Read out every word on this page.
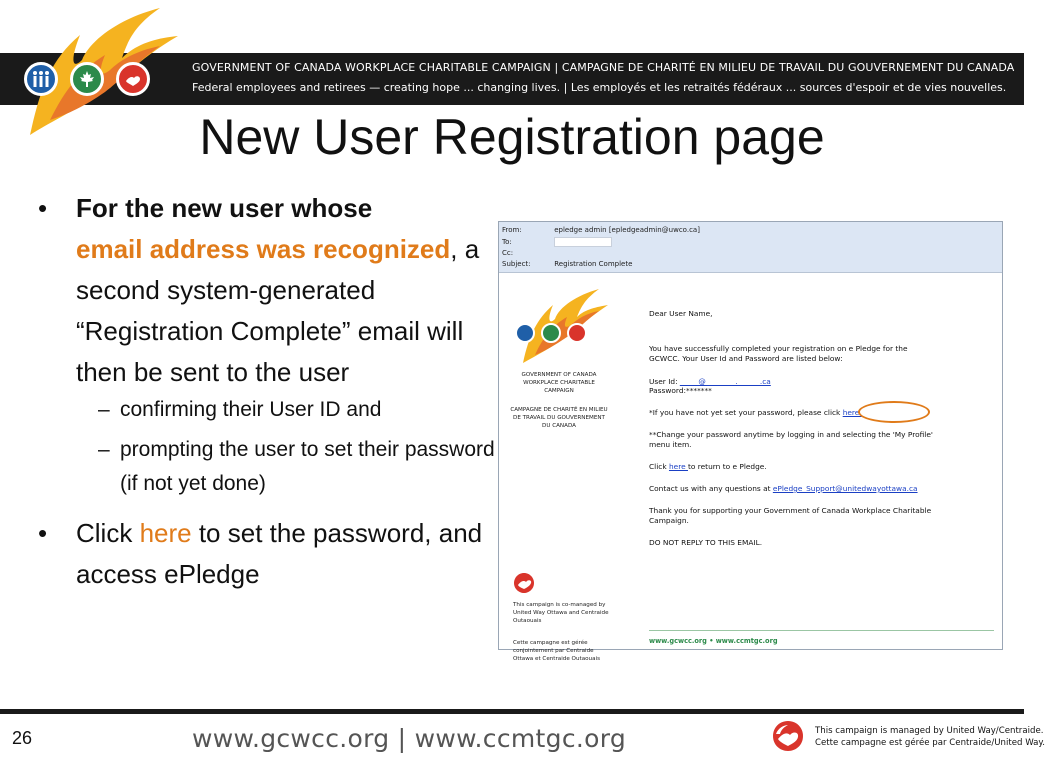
GOVERNMENT OF CANADA WORKPLACE CHARITABLE CAMPAIGN | CAMPAGNE DE CHARITÉ EN MILIEU DE TRAVAIL DU GOUVERNEMENT DU CANADA
Federal employees and retirees — creating hope ... changing lives. | Les employés et les retraités fédéraux ... sources d'espoir et de vies nouvelles.
New User Registration page
• For the new user whose
email address was recognized, a second system-generated “Registration Complete” email will then be sent to the user
– confirming their User ID and
– prompting the user to set their password (if not yet done)
• Click here to set the password, and access ePledge
From:	epledge admin [epledgeadmin@uwco.ca]
To:
Cc:
Subject:	Registration Complete
GOVERNMENT OF CANADA WORKPLACE CHARITABLE CAMPAIGN
CAMPAGNE DE CHARITÉ EN MILIEU DE TRAVAIL DU GOUVERNEMENT DU CANADA
This campaign is co-managed by United Way Ottawa and Centraide Outaouais
Cette campagne est gérée conjointement par Centraide Ottawa et Centraide Outaouais
Dear User Name,
You have successfully completed your registration on e Pledge for the
GCWCC. Your User Id and Password are listed below:
User Id: _____@________.______.ca
Password:*******
*If you have not yet set your password, please click here.
**Change your password anytime by logging in and selecting the 'My Profile'
menu item.
Click here to return to e Pledge.
Contact us with any questions at ePledge_Support@unitedwayottawa.ca
Thank you for supporting your Government of Canada Workplace Charitable
Campaign.
DO NOT REPLY TO THIS EMAIL.
www.gcwcc.org • www.ccmtgc.org
26	www.gcwcc.org | www.ccmtgc.org	This campaign is managed by United Way/Centraide.
Cette campagne est gérée par Centraide/United Way.
